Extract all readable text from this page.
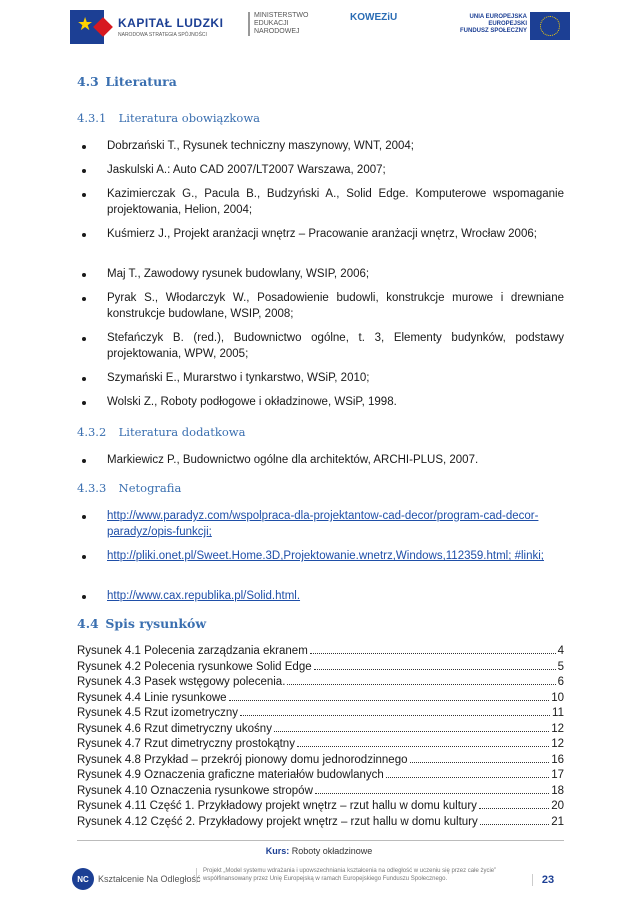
★ KAPITAŁ LUDZKI
NARODOWA STRATEGIA SPÓJNOŚCI
MINISTERSTWO
EDUKACJI
NARODOWEJ
KOWEZiU	UNIA EUROPEJSKA
EUROPEJSKI
FUNDUSZ SPOŁECZNY
4.3 Literatura
4.3.1 Literatura obowiązkowa
Dobrzański T., Rysunek techniczny maszynowy, WNT, 2004;
Jaskulski A.: Auto CAD 2007/LT2007 Warszawa, 2007;
Kazimierczak G., Pacula B., Budzyński A., Solid Edge. Komputerowe wspomaganie projektowania, Helion, 2004;
Kuśmierz J., Projekt aranżacji wnętrz – Pracowanie aranżacji wnętrz, Wrocław 2006;
Maj T., Zawodowy rysunek budowlany, WSIP, 2006;
Pyrak S., Włodarczyk W., Posadowienie budowli, konstrukcje murowe i drewniane konstrukcje budowlane, WSIP, 2008;
Stefańczyk B. (red.), Budownictwo ogólne, t. 3, Elementy budynków, podstawy projektowania, WPW, 2005;
Szymański E., Murarstwo i tynkarstwo, WSiP, 2010;
Wolski Z., Roboty podłogowe i okładzinowe, WSiP, 1998.
4.3.2 Literatura dodatkowa
Markiewicz P., Budownictwo ogólne dla architektów, ARCHI-PLUS, 2007.
4.3.3 Netografia
http://www.paradyz.com/wspolpraca-dla-projektantow-cad-decor/program-cad-decor-paradyz/opis-funkcji;
http://pliki.onet.pl/Sweet.Home.3D,Projektowanie.wnetrz,Windows,112359.html; #linki;
http://www.cax.republika.pl/Solid.html.
4.4 Spis rysunków
Rysunek 4.1 Polecenia zarządzania ekranem	4
Rysunek 4.2 Polecenia rysunkowe Solid Edge	5
Rysunek 4.3 Pasek wstęgowy polecenia.	6
Rysunek 4.4 Linie rysunkowe	10
Rysunek 4.5 Rzut izometryczny	11
Rysunek 4.6 Rzut dimetryczny ukośny	12
Rysunek 4.7 Rzut dimetryczny prostokątny	12
Rysunek 4.8 Przykład – przekrój pionowy domu jednorodzinnego	16
Rysunek 4.9 Oznaczenia graficzne materiałów budowlanych	17
Rysunek 4.10 Oznaczenia rysunkowe stropów	18
Rysunek 4.11 Część 1. Przykładowy projekt wnętrz – rzut hallu w domu kultury	20
Rysunek 4.12 Część 2. Przykładowy projekt wnętrz – rzut hallu w domu kultury	21
Kurs: Roboty okładzinowe
NC	Kształcenie Na Odległość
Projekt „Model systemu wdrażania i upowszechniania kształcenia na odległość w uczeniu się przez całe życie” współfinansowany przez Unię Europejską w ramach Europejskiego Funduszu Społecznego.	23
